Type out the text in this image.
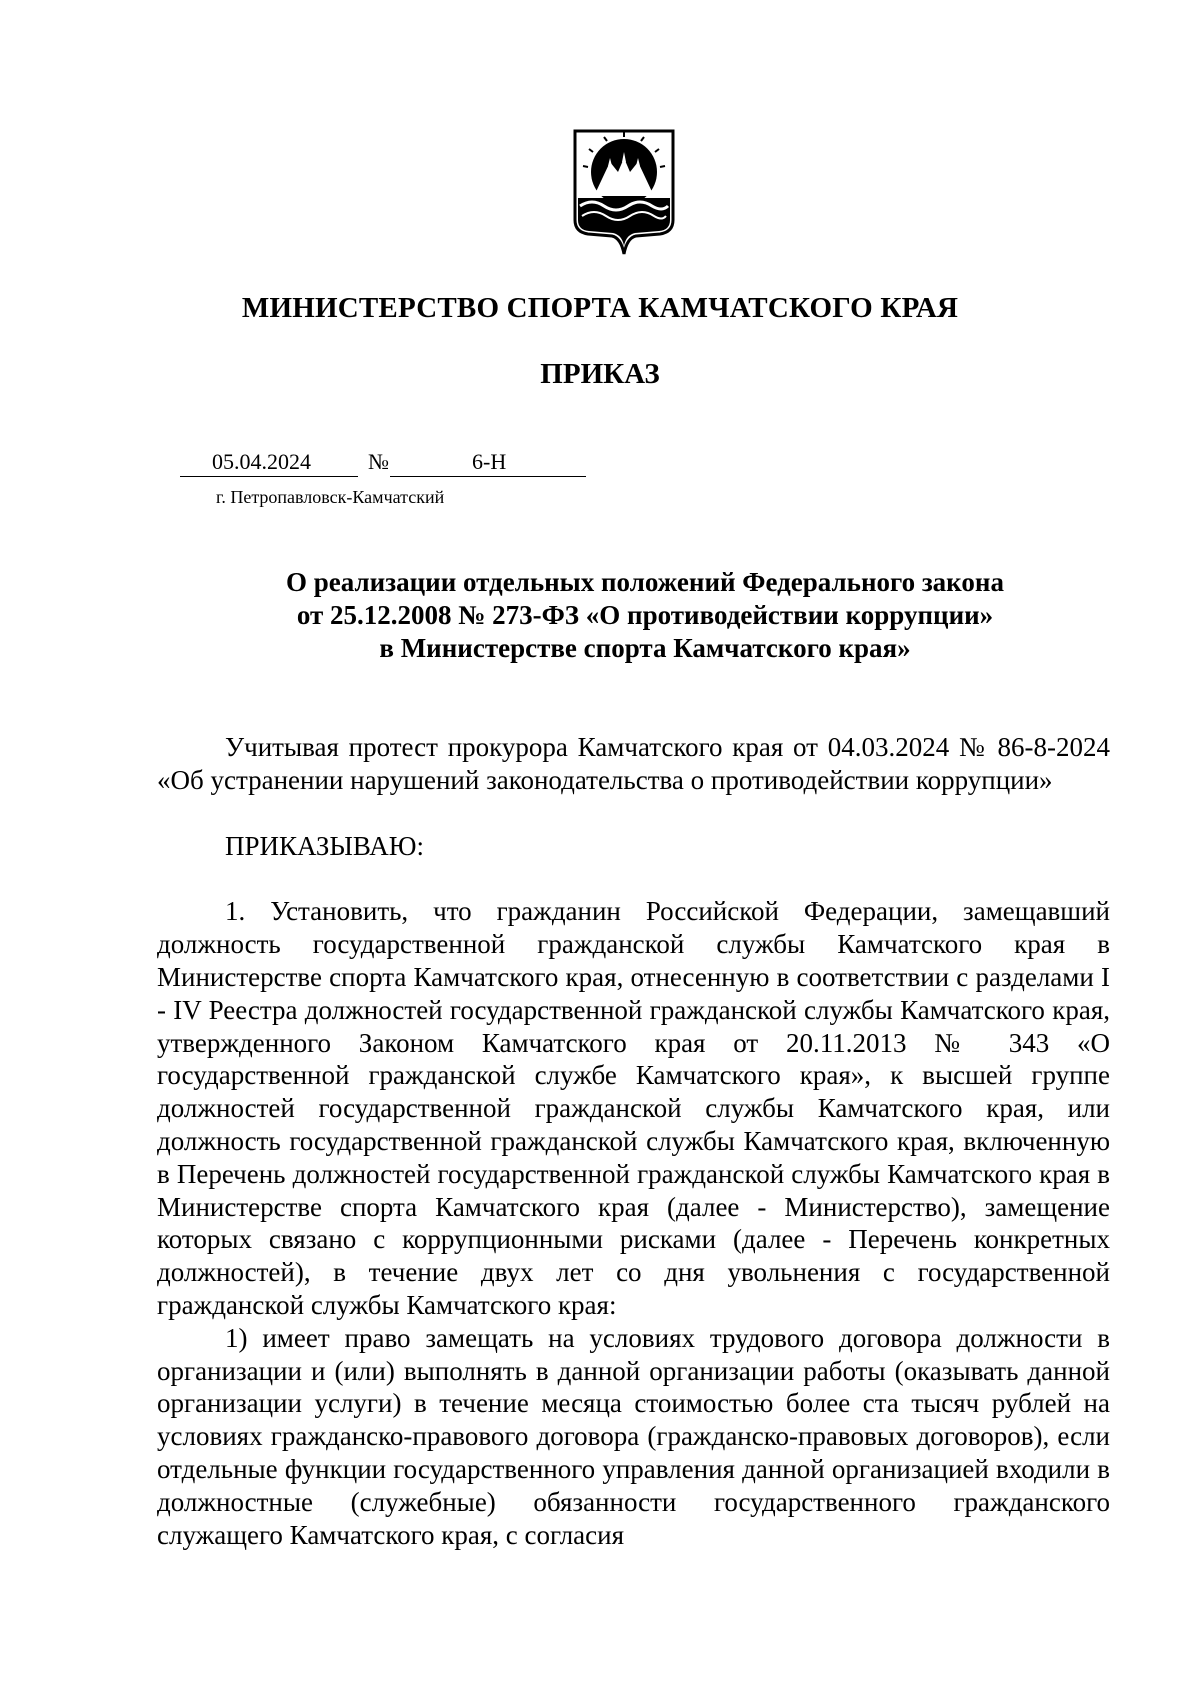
МИНИСТЕРСТВО СПОРТА КАМЧАТСКОГО КРАЯ
ПРИКАЗ
05.04.2024	№	6-Н
г. Петропавловск-Камчатский
О реализации отдельных положений Федерального закона
от 25.12.2008 № 273-ФЗ «О противодействии коррупции»
в Министерстве спорта Камчатского края»

Учитывая протест прокурора Камчатского края от 04.03.2024 № 86-8-2024 «Об устранении нарушений законодательства о противодействии коррупции»

ПРИКАЗЫВАЮ:

1. Установить, что гражданин Российской Федерации, замещавший должность государственной гражданской службы Камчатского края в Министерстве спорта Камчатского края, отнесенную в соответствии с разделами I - IV Реестра должностей государственной гражданской службы Камчатского края, утвержденного Законом Камчатского края от 20.11.2013 № 343 «О государственной гражданской службе Камчатского края», к высшей группе должностей государственной гражданской службы Камчатского края, или должность государственной гражданской службы Камчатского края, включенную в Перечень должностей государственной гражданской службы Камчатского края в Министерстве спорта Камчатского края (далее - Министерство), замещение которых связано с коррупционными рисками (далее - Перечень конкретных должностей), в течение двух лет со дня увольнения с государственной гражданской службы Камчатского края:

1) имеет право замещать на условиях трудового договора должности в организации и (или) выполнять в данной организации работы (оказывать данной организации услуги) в течение месяца стоимостью более ста тысяч рублей на условиях гражданско-правового договора (гражданско-правовых договоров), если отдельные функции государственного управления данной организацией входили в должностные (служебные) обязанности государственного гражданского служащего Камчатского края, с согласия
